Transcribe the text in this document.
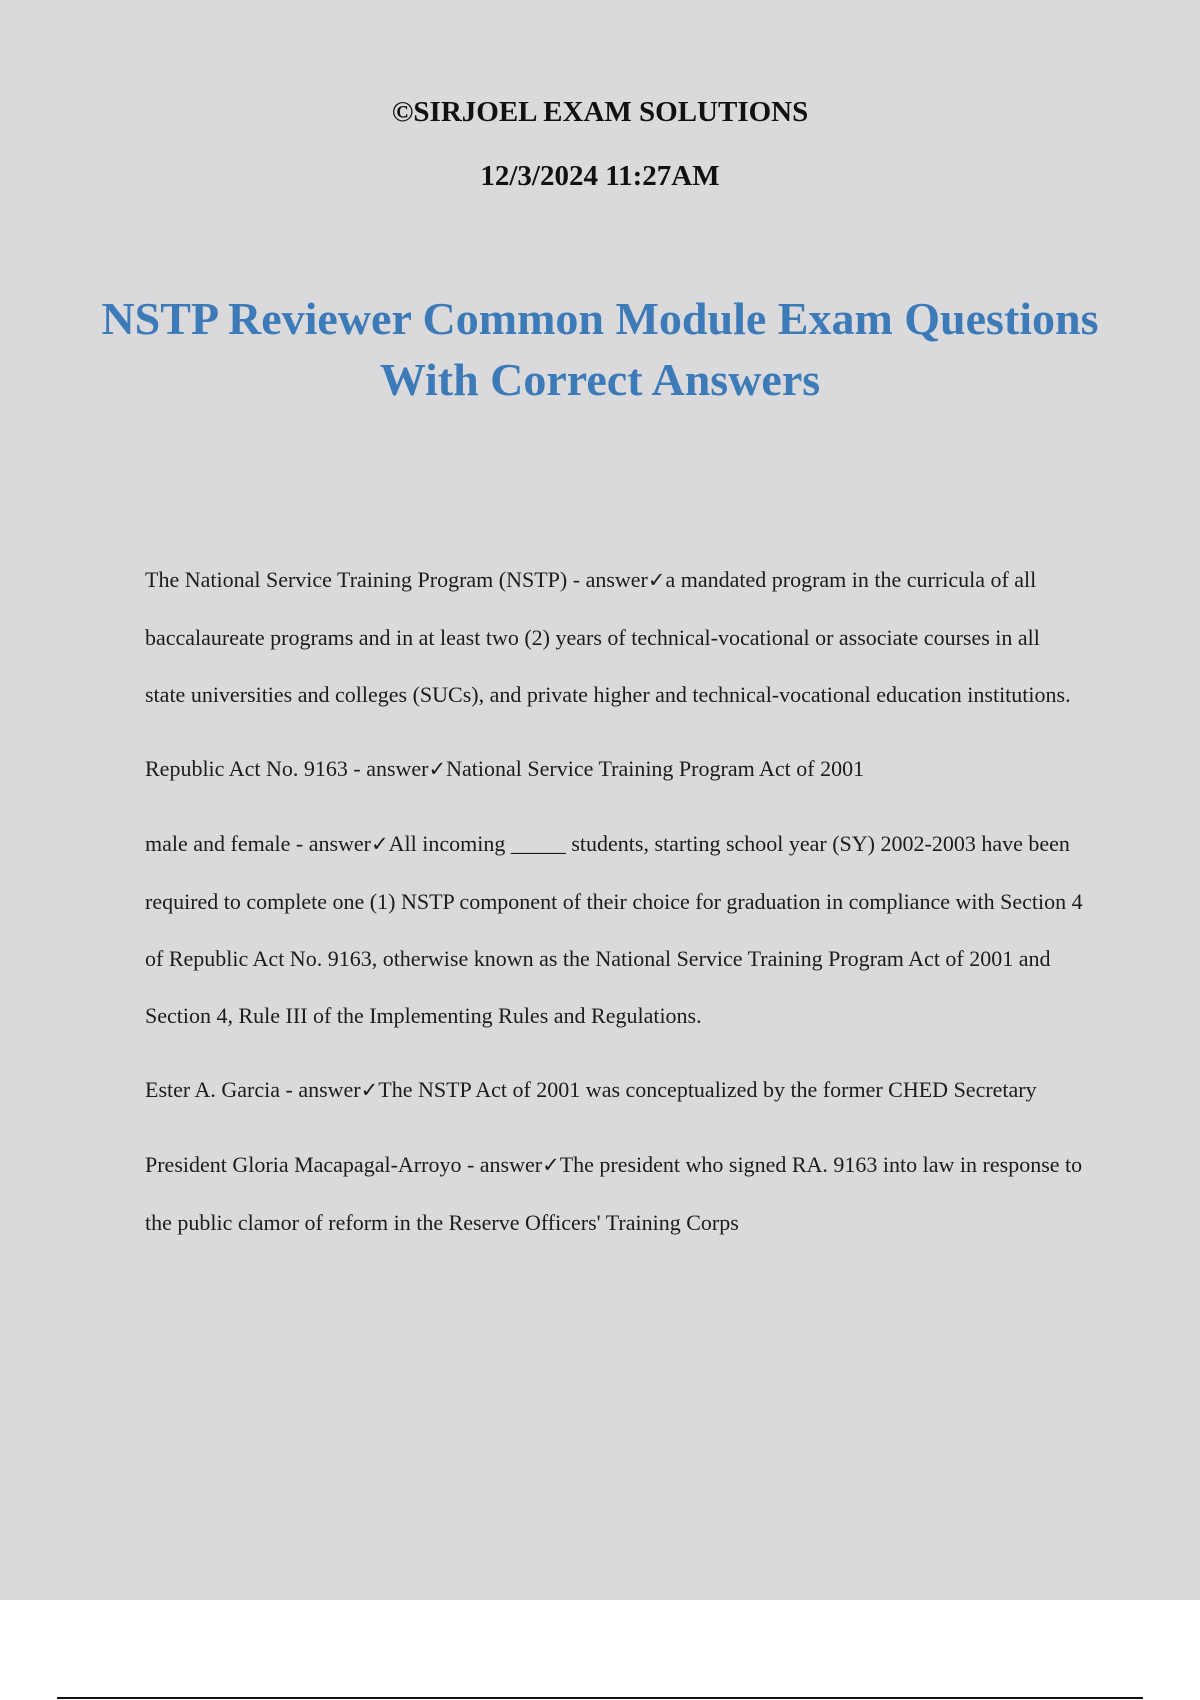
©SIRJOEL EXAM SOLUTIONS

12/3/2024 11:27AM

NSTP Reviewer Common Module Exam Questions With Correct Answers

The National Service Training Program (NSTP) - answer✓a mandated program in the curricula of all baccalaureate programs and in at least two (2) years of technical-vocational or associate courses in all state universities and colleges (SUCs), and private higher and technical-vocational education institutions.

Republic Act No. 9163 - answer✓National Service Training Program Act of 2001

male and female - answer✓All incoming _____ students, starting school year (SY) 2002-2003 have been required to complete one (1) NSTP component of their choice for graduation in compliance with Section 4 of Republic Act No. 9163, otherwise known as the National Service Training Program Act of 2001 and Section 4, Rule III of the Implementing Rules and Regulations.

Ester A. Garcia - answer✓The NSTP Act of 2001 was conceptualized by the former CHED Secretary

President Gloria Macapagal-Arroyo - answer✓The president who signed RA. 9163 into law in response to the public clamor of reform in the Reserve Officers' Training Corps
